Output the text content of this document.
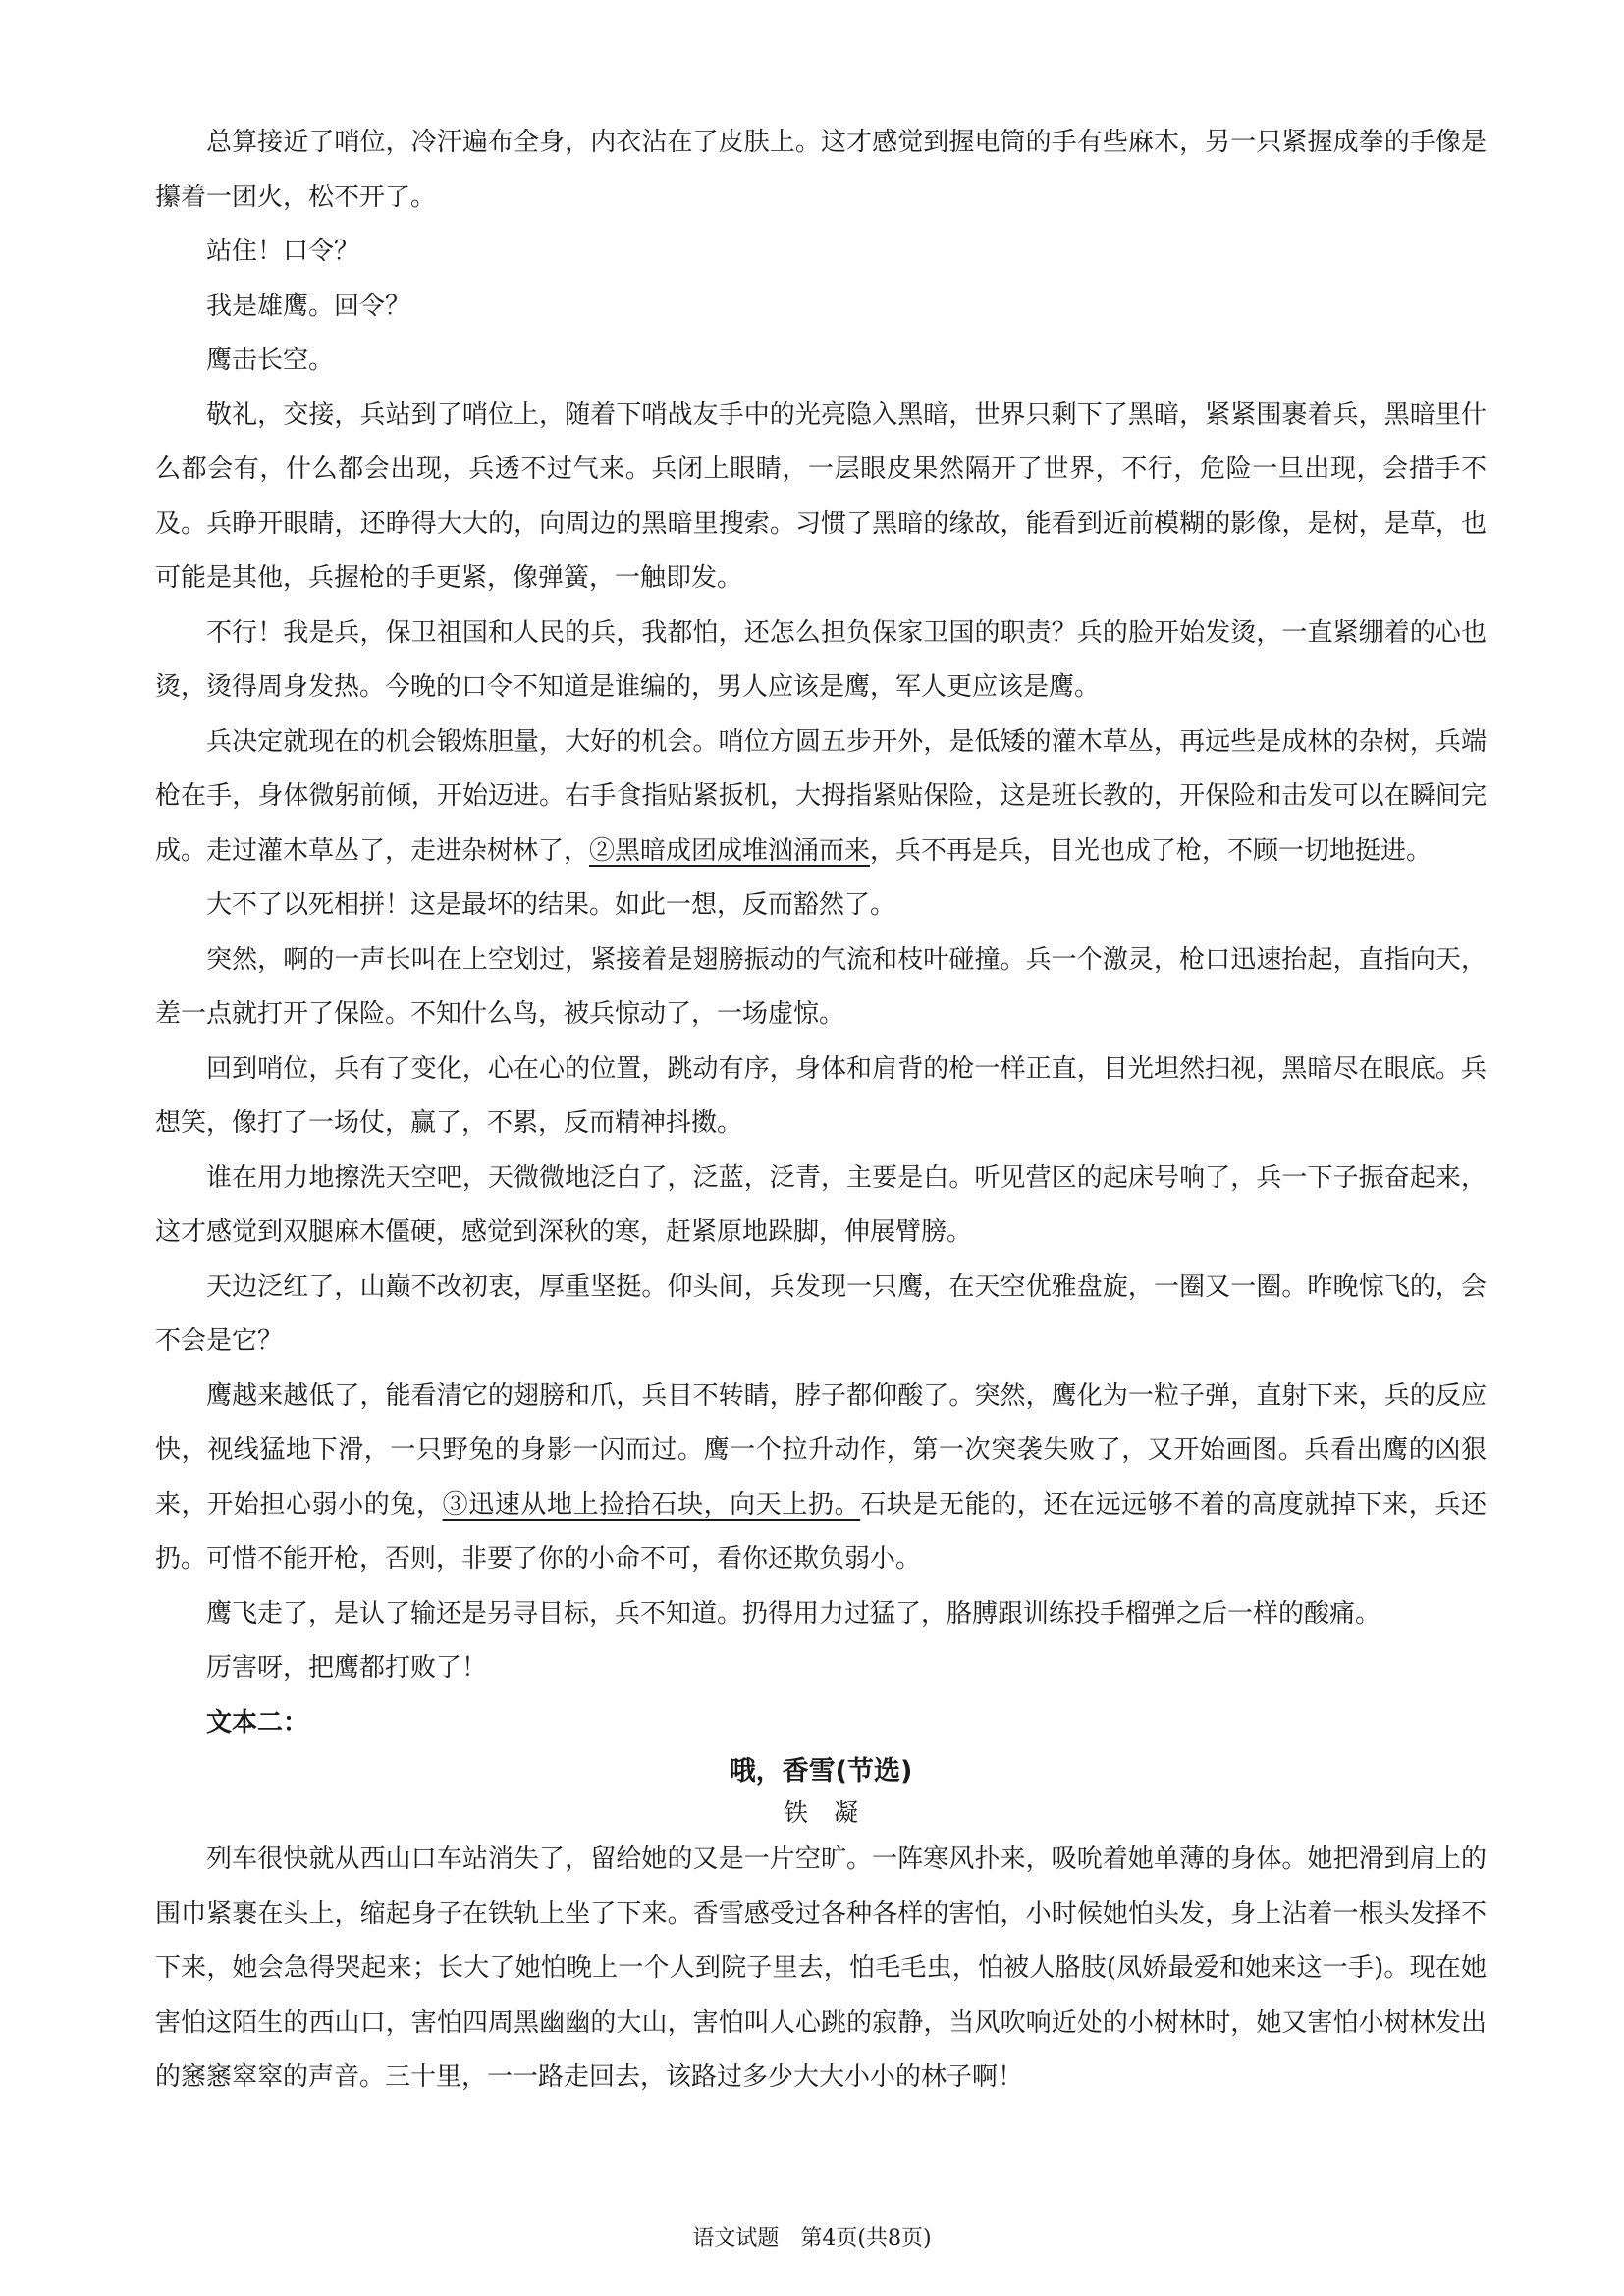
总算接近了哨位，冷汗遍布全身，内衣沾在了皮肤上。这才感觉到握电筒的手有些麻木，另一只紧握成拳的手像是攥着一团火，松不开了。

站住！口令？

我是雄鹰。回令？

鹰击长空。

敬礼，交接，兵站到了哨位上，随着下哨战友手中的光亮隐入黑暗，世界只剩下了黑暗，紧紧围裹着兵，黑暗里什么都会有，什么都会出现，兵透不过气来。兵闭上眼睛，一层眼皮果然隔开了世界，不行，危险一旦出现，会措手不及。兵睁开眼睛，还睁得大大的，向周边的黑暗里搜索。习惯了黑暗的缘故，能看到近前模糊的影像，是树，是草，也可能是其他，兵握枪的手更紧，像弹簧，一触即发。

不行！我是兵，保卫祖国和人民的兵，我都怕，还怎么担负保家卫国的职责？兵的脸开始发烫，一直紧绷着的心也烫，烫得周身发热。今晚的口令不知道是谁编的，男人应该是鹰，军人更应该是鹰。

兵决定就现在的机会锻炼胆量，大好的机会。哨位方圆五步开外，是低矮的灌木草丛，再远些是成林的杂树，兵端枪在手，身体微躬前倾，开始迈进。右手食指贴紧扳机，大拇指紧贴保险，这是班长教的，开保险和击发可以在瞬间完成。走过灌木草丛了，走进杂树林了，②黑暗成团成堆汹涌而来，兵不再是兵，目光也成了枪，不顾一切地挺进。

大不了以死相拼！这是最坏的结果。如此一想，反而豁然了。

突然，啊的一声长叫在上空划过，紧接着是翅膀振动的气流和枝叶碰撞。兵一个激灵，枪口迅速抬起，直指向天，差一点就打开了保险。不知什么鸟，被兵惊动了，一场虚惊。

回到哨位，兵有了变化，心在心的位置，跳动有序，身体和肩背的枪一样正直，目光坦然扫视，黑暗尽在眼底。兵想笑，像打了一场仗，赢了，不累，反而精神抖擞。

谁在用力地擦洗天空吧，天微微地泛白了，泛蓝，泛青，主要是白。听见营区的起床号响了，兵一下子振奋起来，这才感觉到双腿麻木僵硬，感觉到深秋的寒，赶紧原地跺脚，伸展臂膀。

天边泛红了，山巅不改初衷，厚重坚挺。仰头间，兵发现一只鹰，在天空优雅盘旋，一圈又一圈。昨晚惊飞的，会不会是它？

鹰越来越低了，能看清它的翅膀和爪，兵目不转睛，脖子都仰酸了。突然，鹰化为一粒子弹，直射下来，兵的反应快，视线猛地下滑，一只野兔的身影一闪而过。鹰一个拉升动作，第一次突袭失败了，又开始画图。兵看出鹰的凶狠来，开始担心弱小的兔，③迅速从地上捡拾石块，向天上扔。石块是无能的，还在远远够不着的高度就掉下来，兵还扔。可惜不能开枪，否则，非要了你的小命不可，看你还欺负弱小。

鹰飞走了，是认了输还是另寻目标，兵不知道。扔得用力过猛了，胳膊跟训练投手榴弹之后一样的酸痛。

厉害呀，把鹰都打败了！

文本二：

哦，香雪(节选)

铁凝

列车很快就从西山口车站消失了，留给她的又是一片空旷。一阵寒风扑来，吸吮着她单薄的身体。她把滑到肩上的围巾紧裹在头上，缩起身子在铁轨上坐了下来。香雪感受过各种各样的害怕，小时候她怕头发，身上沾着一根头发择不下来，她会急得哭起来；长大了她怕晚上一个人到院子里去，怕毛毛虫，怕被人胳肢(凤娇最爱和她来这一手)。现在她害怕这陌生的西山口，害怕四周黑幽幽的大山，害怕叫人心跳的寂静，当风吹响近处的小树林时，她又害怕小树林发出的窸窸窣窣的声音。三十里，一一路走回去，该路过多少大大小小的林子啊！

语文试题　第4页(共8页)
